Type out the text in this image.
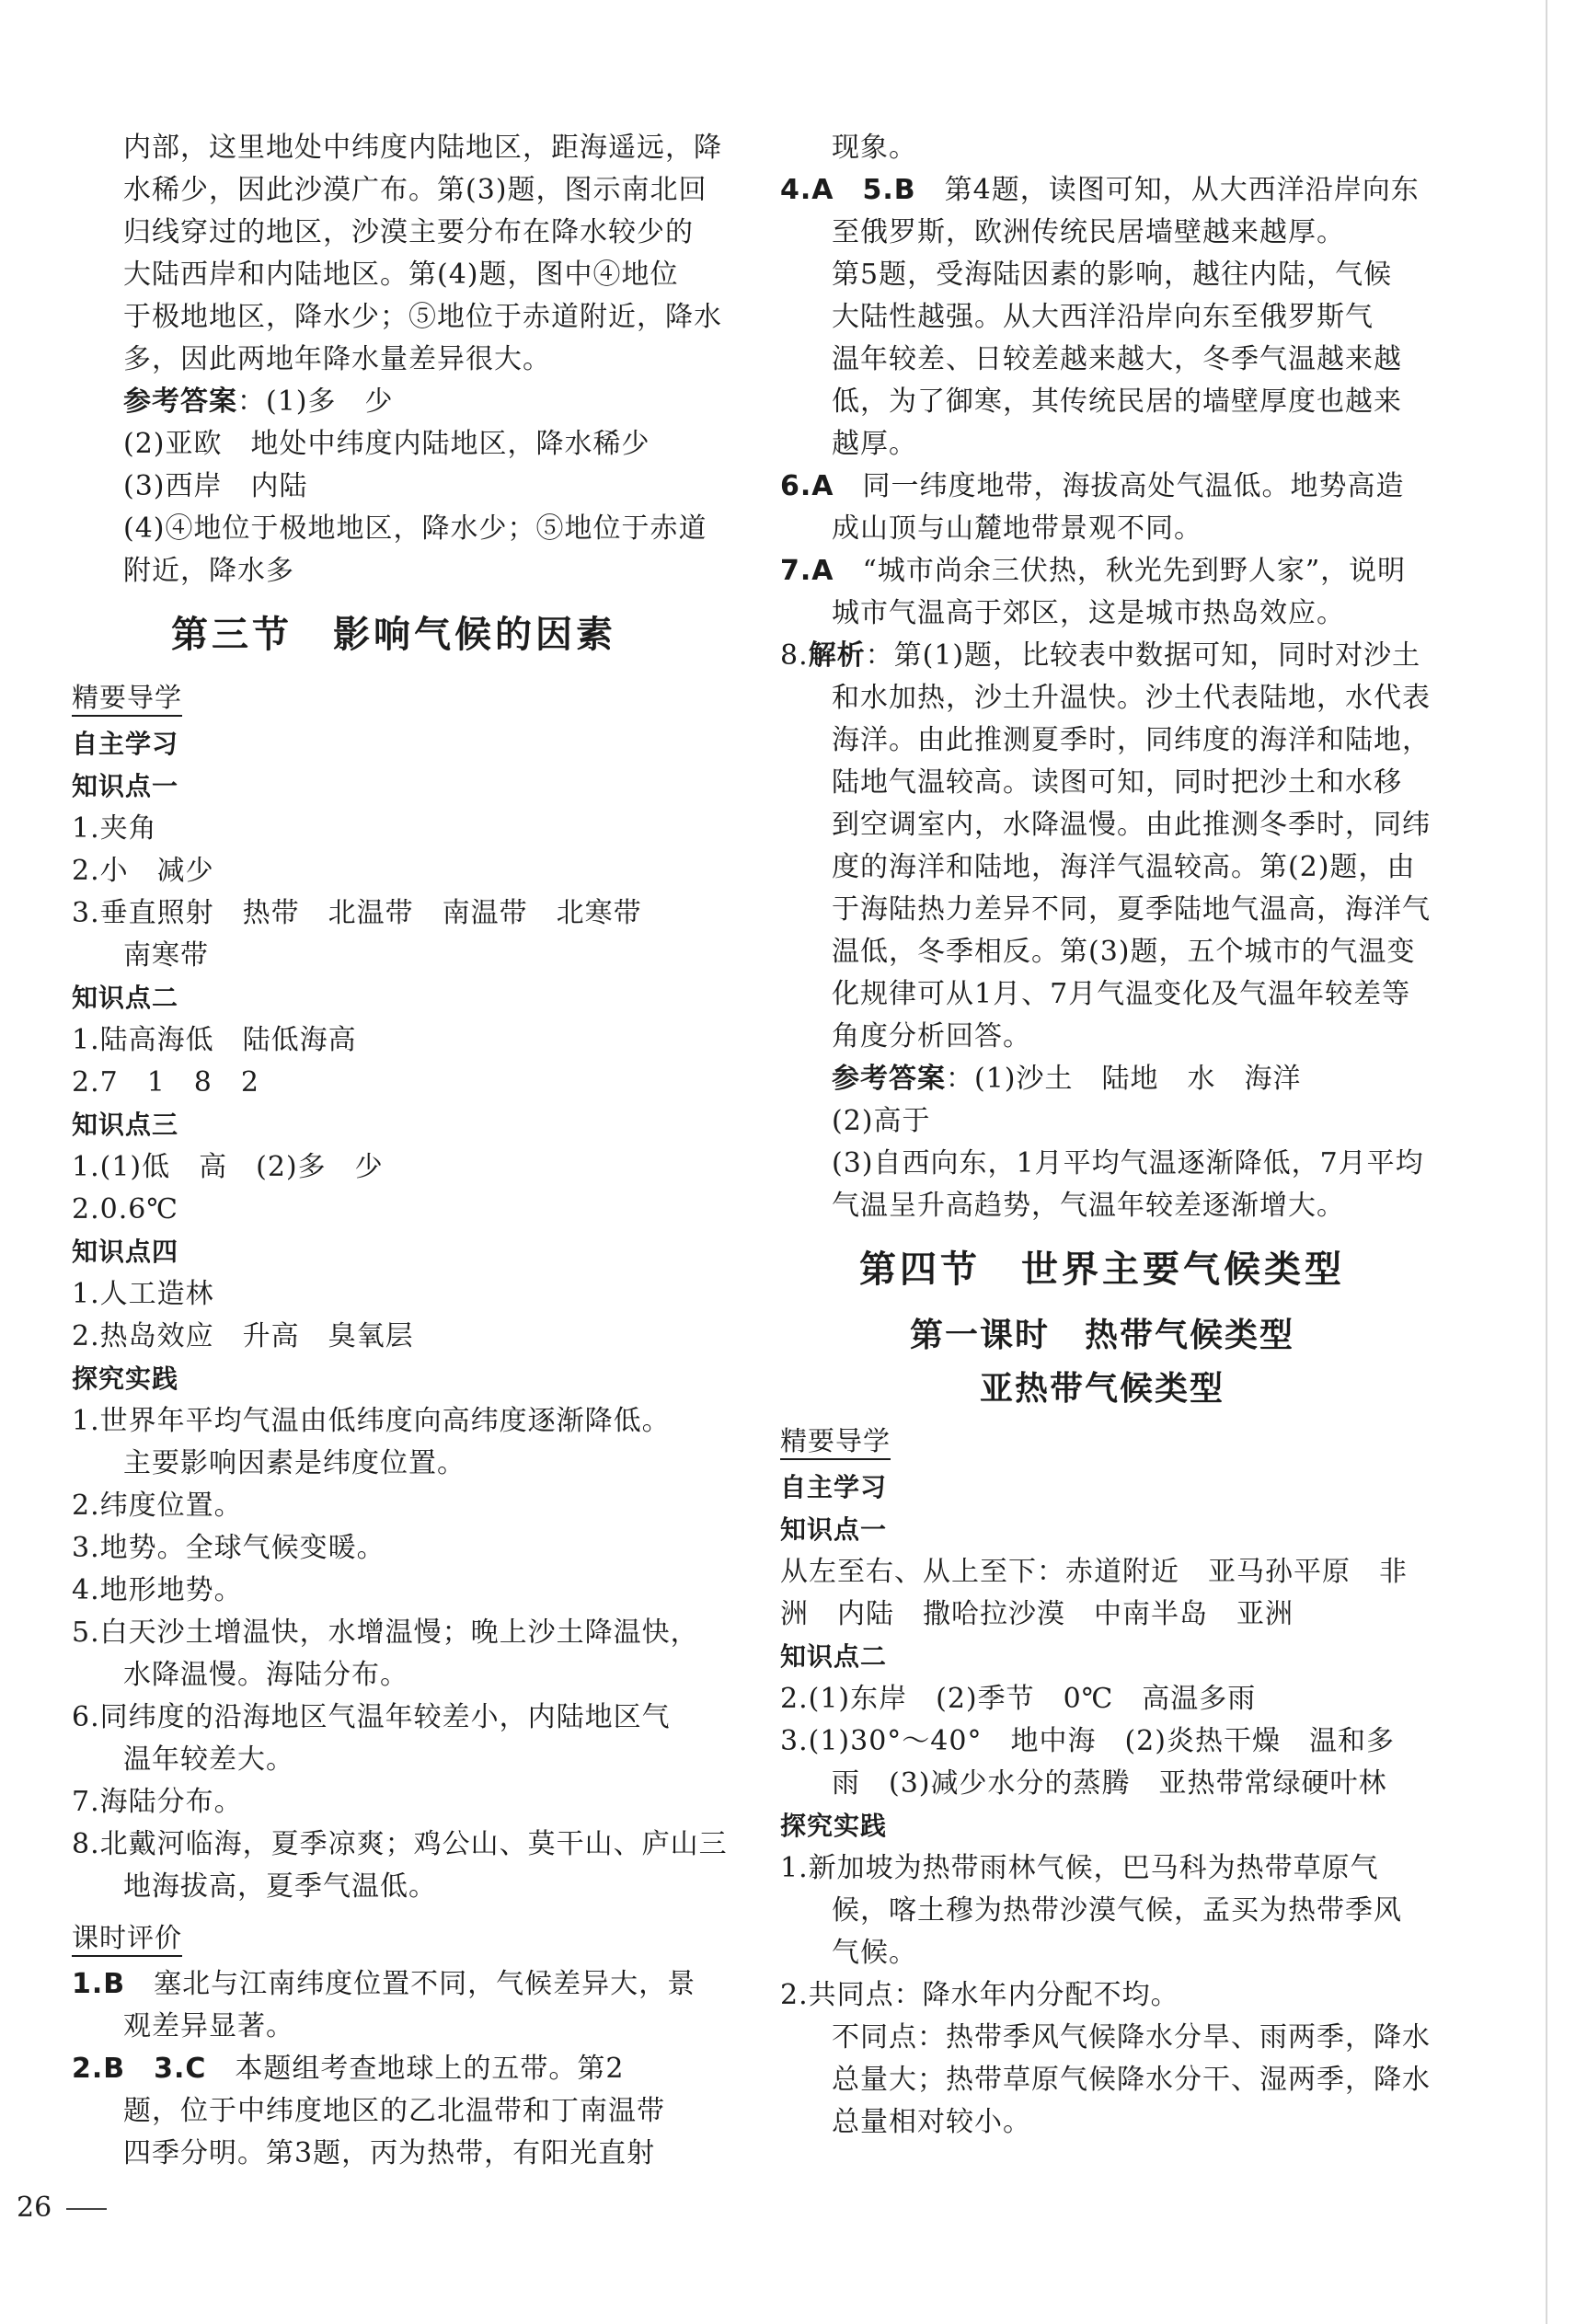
内部，这里地处中纬度内陆地区，距海遥远，降
水稀少，因此沙漠广布。第(3)题，图示南北回
归线穿过的地区，沙漠主要分布在降水较少的
大陆西岸和内陆地区。第(4)题，图中④地位
于极地地区，降水少；⑤地位于赤道附近，降水
多，因此两地年降水量差异很大。
参考答案：(1)多　少
(2)亚欧　地处中纬度内陆地区，降水稀少
(3)西岸　内陆
(4)④地位于极地地区，降水少；⑤地位于赤道
附近，降水多
第三节　影响气候的因素
精要导学
自主学习
知识点一
1.夹角
2.小　减少
3.垂直照射　热带　北温带　南温带　北寒带
南寒带
知识点二
1.陆高海低　陆低海高
2.7　1　8　2
知识点三
1.(1)低　高　(2)多　少
2.0.6℃
知识点四
1.人工造林
2.热岛效应　升高　臭氧层
探究实践
1.世界年平均气温由低纬度向高纬度逐渐降低。
主要影响因素是纬度位置。
2.纬度位置。
3.地势。全球气候变暖。
4.地形地势。
5.白天沙土增温快，水增温慢；晚上沙土降温快，
水降温慢。海陆分布。
6.同纬度的沿海地区气温年较差小，内陆地区气
温年较差大。
7.海陆分布。
8.北戴河临海，夏季凉爽；鸡公山、莫干山、庐山三
地海拔高，夏季气温低。
课时评价
1.B　塞北与江南纬度位置不同，气候差异大，景
观差异显著。
2.B　3.C　本题组考查地球上的五带。第2
题，位于中纬度地区的乙北温带和丁南温带
四季分明。第3题，丙为热带，有阳光直射
现象。
4.A　5.B　第4题，读图可知，从大西洋沿岸向东
至俄罗斯，欧洲传统民居墙壁越来越厚。
第5题，受海陆因素的影响，越往内陆，气候
大陆性越强。从大西洋沿岸向东至俄罗斯气
温年较差、日较差越来越大，冬季气温越来越
低，为了御寒，其传统民居的墙壁厚度也越来
越厚。
6.A　同一纬度地带，海拔高处气温低。地势高造
成山顶与山麓地带景观不同。
7.A　“城市尚余三伏热，秋光先到野人家”，说明
城市气温高于郊区，这是城市热岛效应。
8.解析：第(1)题，比较表中数据可知，同时对沙土
和水加热，沙土升温快。沙土代表陆地，水代表
海洋。由此推测夏季时，同纬度的海洋和陆地，
陆地气温较高。读图可知，同时把沙土和水移
到空调室内，水降温慢。由此推测冬季时，同纬
度的海洋和陆地，海洋气温较高。第(2)题，由
于海陆热力差异不同，夏季陆地气温高，海洋气
温低，冬季相反。第(3)题，五个城市的气温变
化规律可从1月、7月气温变化及气温年较差等
角度分析回答。
参考答案：(1)沙土　陆地　水　海洋
(2)高于
(3)自西向东，1月平均气温逐渐降低，7月平均
气温呈升高趋势，气温年较差逐渐增大。
第四节　世界主要气候类型
第一课时　热带气候类型
亚热带气候类型
精要导学
自主学习
知识点一
从左至右、从上至下：赤道附近　亚马孙平原　非
洲　内陆　撒哈拉沙漠　中南半岛　亚洲
知识点二
2.(1)东岸　(2)季节　0℃　高温多雨
3.(1)30°～40°　地中海　(2)炎热干燥　温和多
雨　(3)减少水分的蒸腾　亚热带常绿硬叶林
探究实践
1.新加坡为热带雨林气候，巴马科为热带草原气
候，喀土穆为热带沙漠气候，孟买为热带季风
气候。
2.共同点：降水年内分配不均。
不同点：热带季风气候降水分旱、雨两季，降水
总量大；热带草原气候降水分干、湿两季，降水
总量相对较小。
26
